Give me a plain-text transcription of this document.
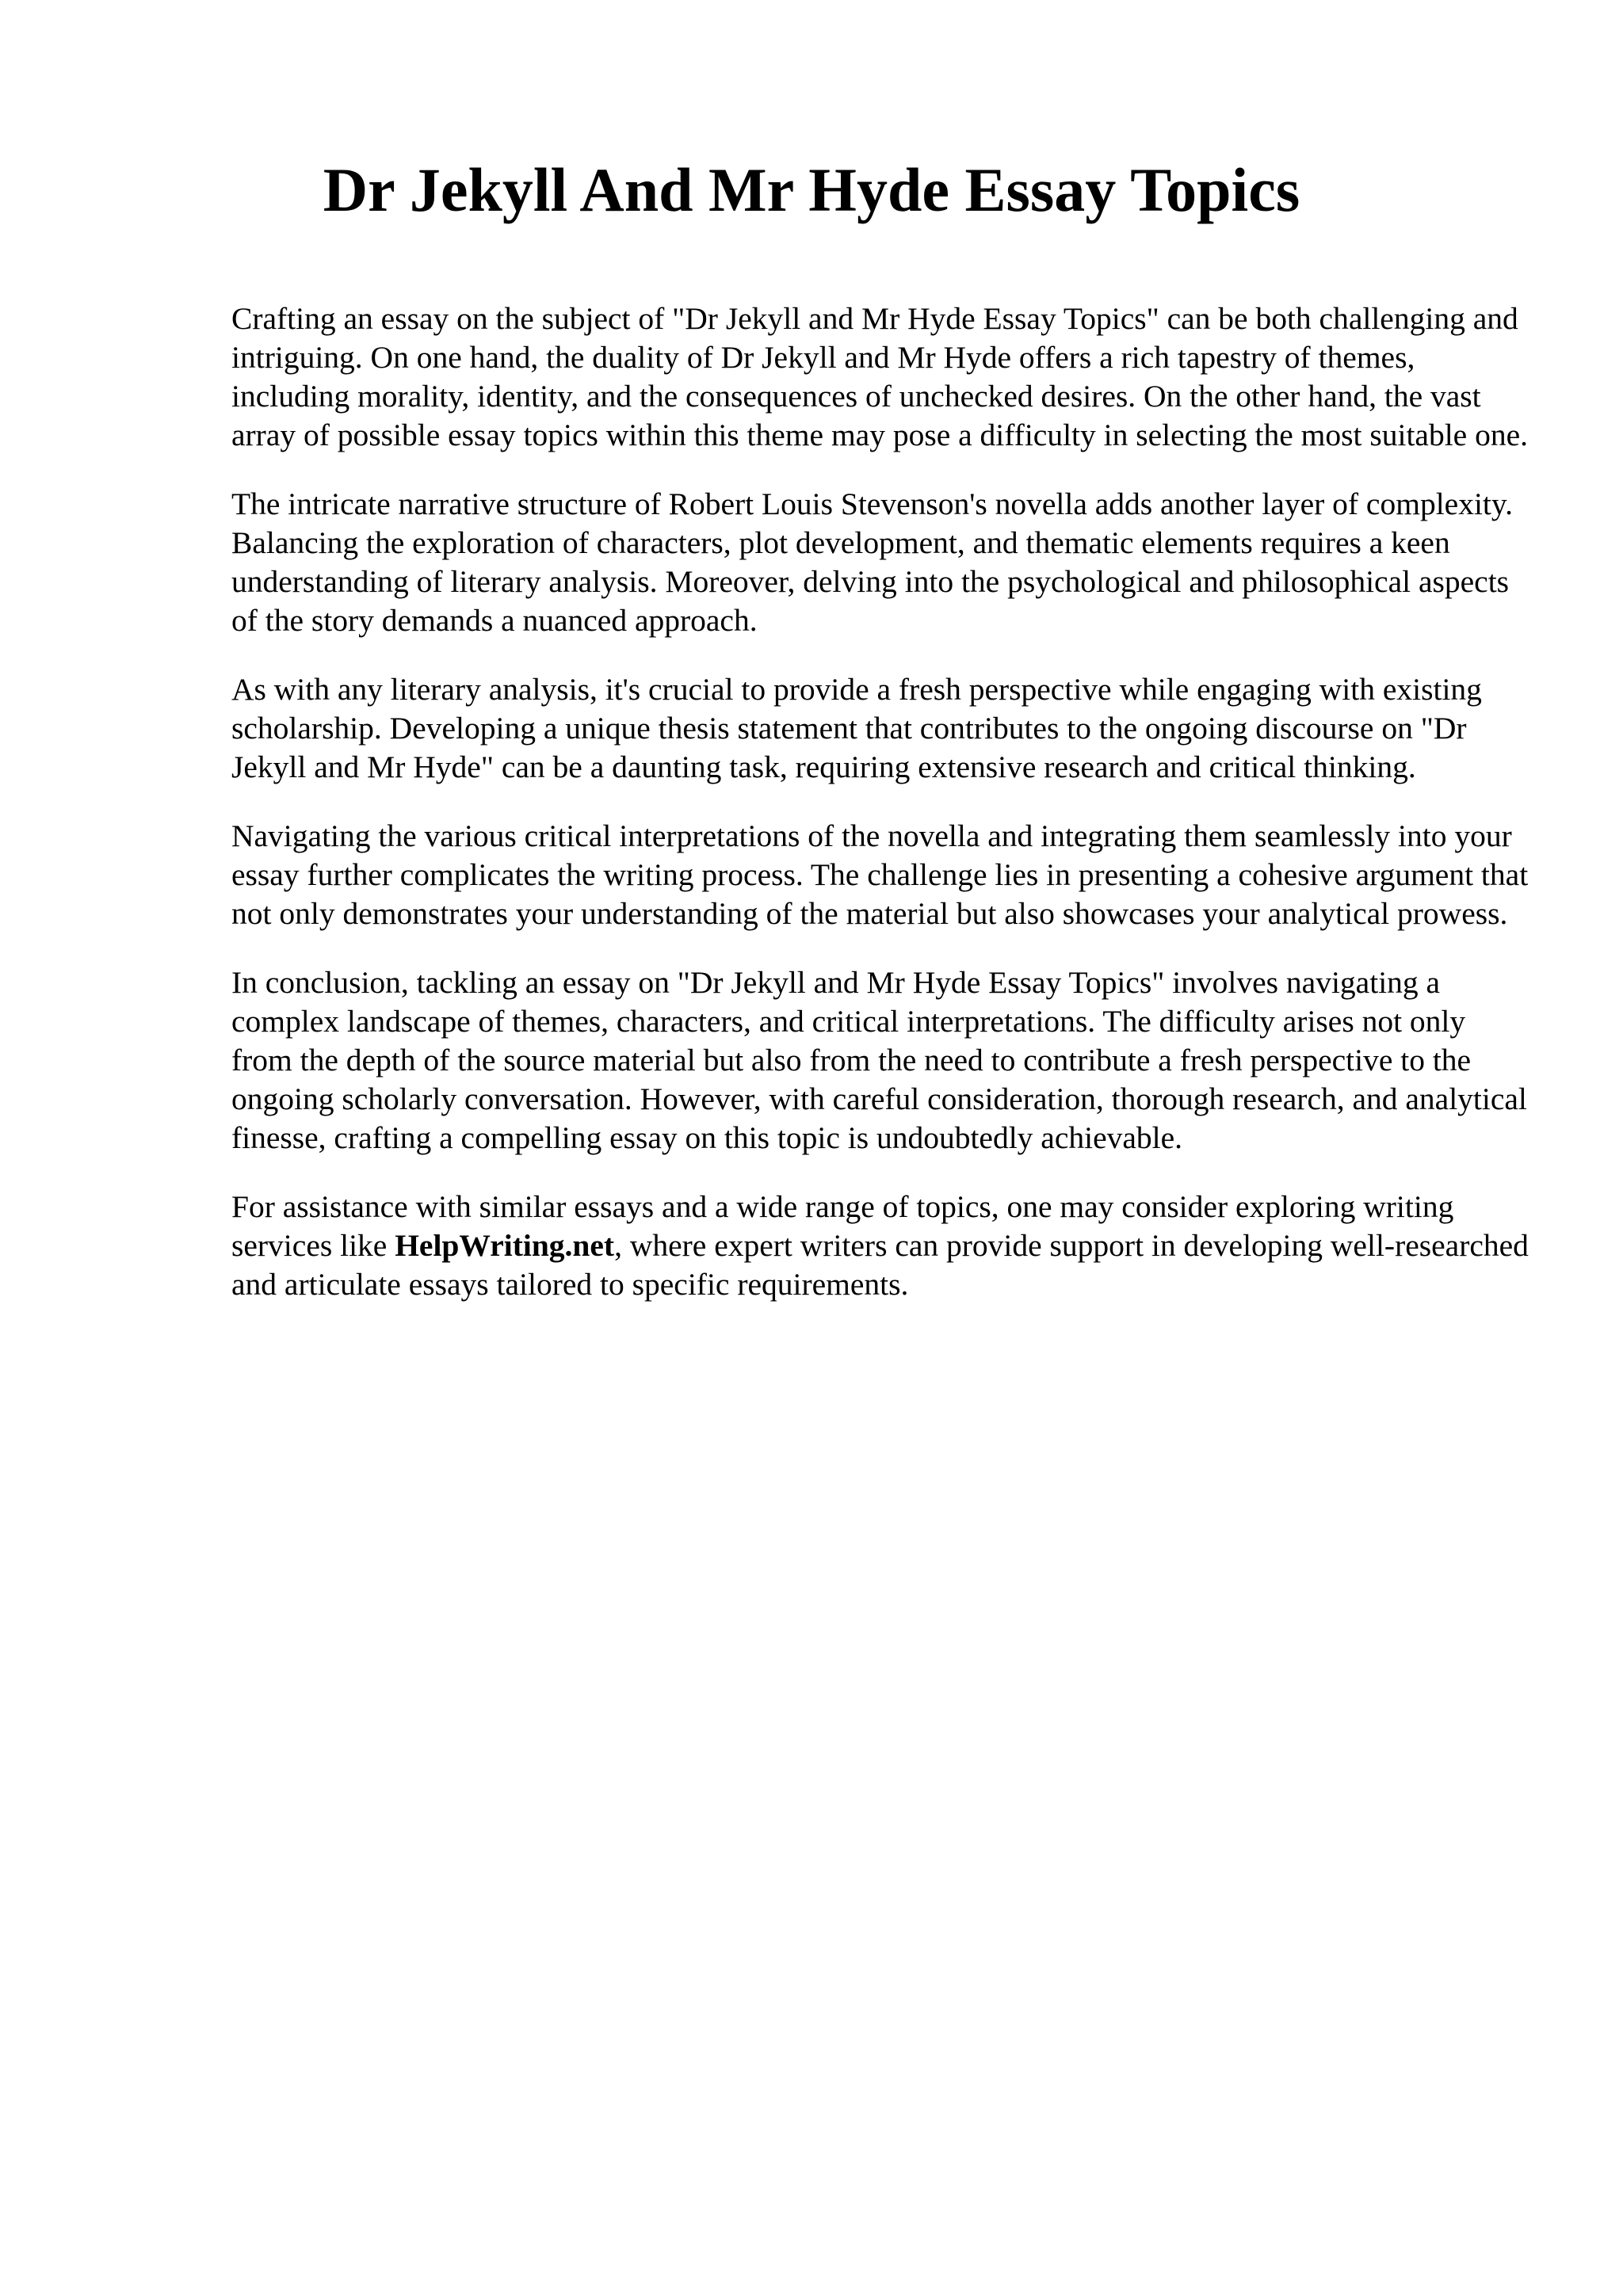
Dr Jekyll And Mr Hyde Essay Topics

Crafting an essay on the subject of "Dr Jekyll and Mr Hyde Essay Topics" can be both challenging and intriguing. On one hand, the duality of Dr Jekyll and Mr Hyde offers a rich tapestry of themes, including morality, identity, and the consequences of unchecked desires. On the other hand, the vast array of possible essay topics within this theme may pose a difficulty in selecting the most suitable one.

The intricate narrative structure of Robert Louis Stevenson's novella adds another layer of complexity. Balancing the exploration of characters, plot development, and thematic elements requires a keen understanding of literary analysis. Moreover, delving into the psychological and philosophical aspects of the story demands a nuanced approach.

As with any literary analysis, it's crucial to provide a fresh perspective while engaging with existing scholarship. Developing a unique thesis statement that contributes to the ongoing discourse on "Dr Jekyll and Mr Hyde" can be a daunting task, requiring extensive research and critical thinking.

Navigating the various critical interpretations of the novella and integrating them seamlessly into your essay further complicates the writing process. The challenge lies in presenting a cohesive argument that not only demonstrates your understanding of the material but also showcases your analytical prowess.

In conclusion, tackling an essay on "Dr Jekyll and Mr Hyde Essay Topics" involves navigating a complex landscape of themes, characters, and critical interpretations. The difficulty arises not only from the depth of the source material but also from the need to contribute a fresh perspective to the ongoing scholarly conversation. However, with careful consideration, thorough research, and analytical finesse, crafting a compelling essay on this topic is undoubtedly achievable.

For assistance with similar essays and a wide range of topics, one may consider exploring writing services like HelpWriting.net, where expert writers can provide support in developing well-researched and articulate essays tailored to specific requirements.
